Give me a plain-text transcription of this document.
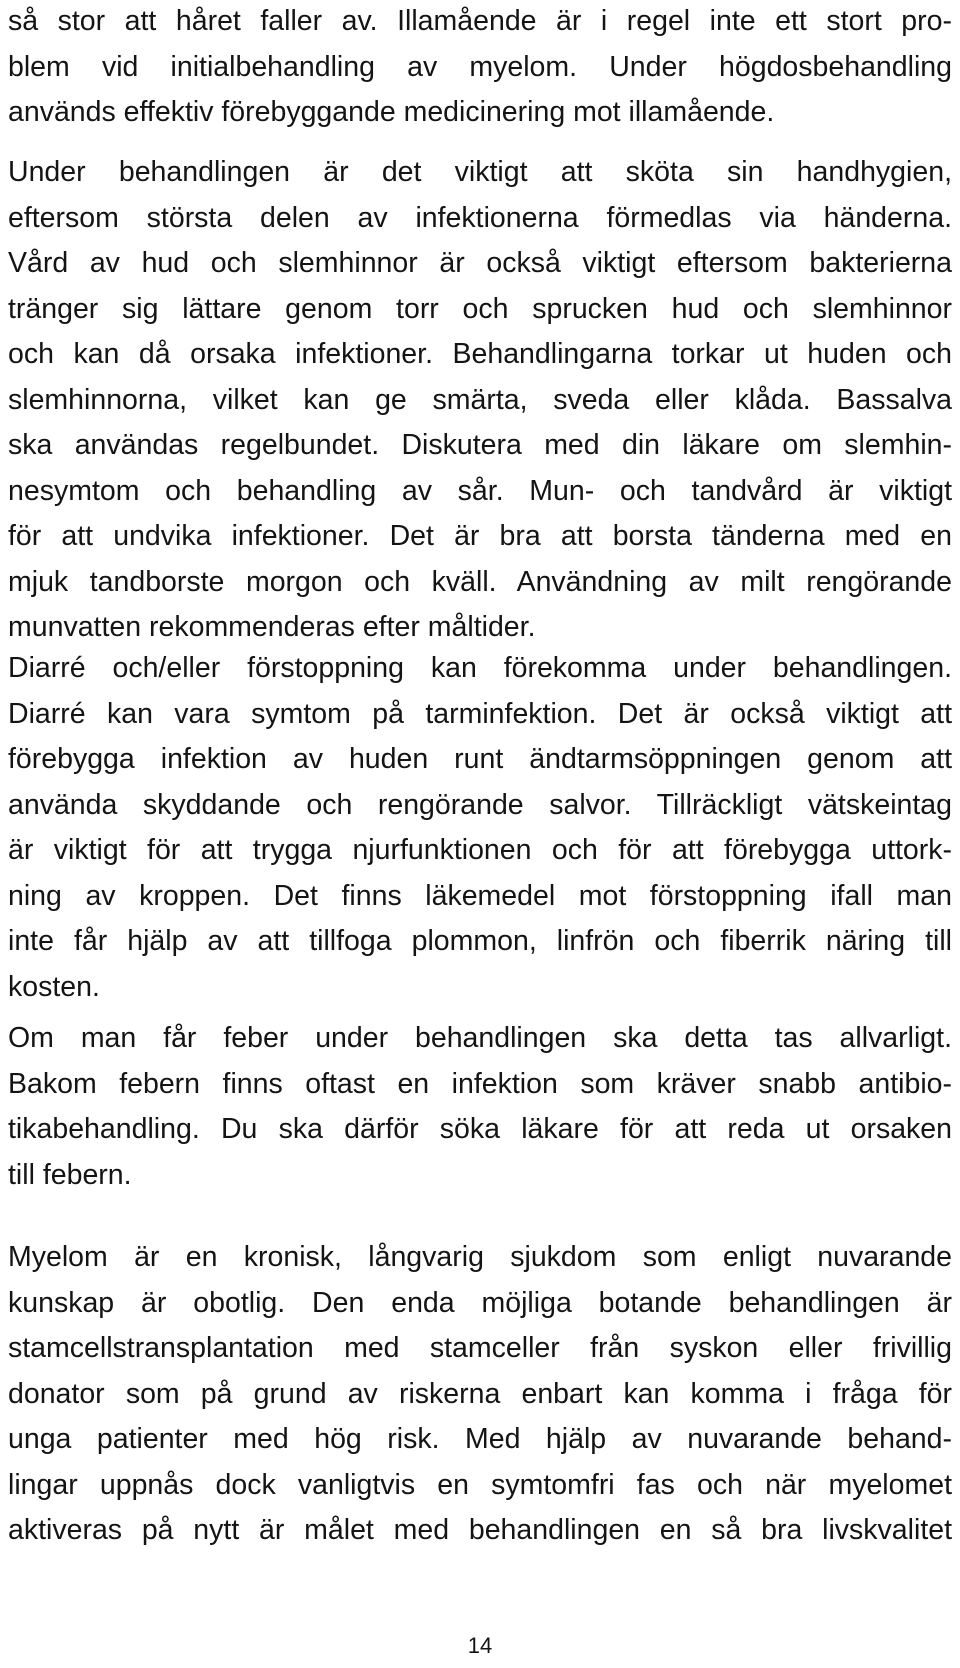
så stor att håret faller av. Illamående är i regel inte ett stort pro-
blem vid initialbehandling av myelom. Under högdosbehandling
används effektiv förebyggande medicinering mot illamående.
Under behandlingen är det viktigt att sköta sin handhygien,
eftersom största delen av infektionerna förmedlas via händerna.
Vård av hud och slemhinnor är också viktigt eftersom bakterierna
tränger sig lättare genom torr och sprucken hud och slemhinnor
och kan då orsaka infektioner. Behandlingarna torkar ut huden och
slemhinnorna, vilket kan ge smärta, sveda eller klåda. Bassalva
ska användas regelbundet. Diskutera med din läkare om slemhin-
nesymtom och behandling av sår. Mun- och tandvård är viktigt
för att undvika infektioner. Det är bra att borsta tänderna med en
mjuk tandborste morgon och kväll. Användning av milt rengörande
munvatten rekommenderas efter måltider.
Diarré och/eller förstoppning kan förekomma under behandlingen.
Diarré kan vara symtom på tarminfektion. Det är också viktigt att
förebygga infektion av huden runt ändtarmsöppningen genom att
använda skyddande och rengörande salvor. Tillräckligt vätskeintag
är viktigt för att trygga njurfunktionen och för att förebygga uttork-
ning av kroppen. Det finns läkemedel mot förstoppning ifall man
inte får hjälp av att tillfoga plommon, linfrön och fiberrik näring till
kosten.
Om man får feber under behandlingen ska detta tas allvarligt.
Bakom febern finns oftast en infektion som kräver snabb antibio-
tikabehandling. Du ska därför söka läkare för att reda ut orsaken
till febern.
Myelom är en kronisk, långvarig sjukdom som enligt nuvarande
kunskap är obotlig. Den enda möjliga botande behandlingen är
stamcellstransplantation med stamceller från syskon eller frivillig
donator som på grund av riskerna enbart kan komma i fråga för
unga patienter med hög risk. Med hjälp av nuvarande behand-
lingar uppnås dock vanligtvis en symtomfri fas och när myelomet
aktiveras på nytt är målet med behandlingen en så bra livskvalitet
14
